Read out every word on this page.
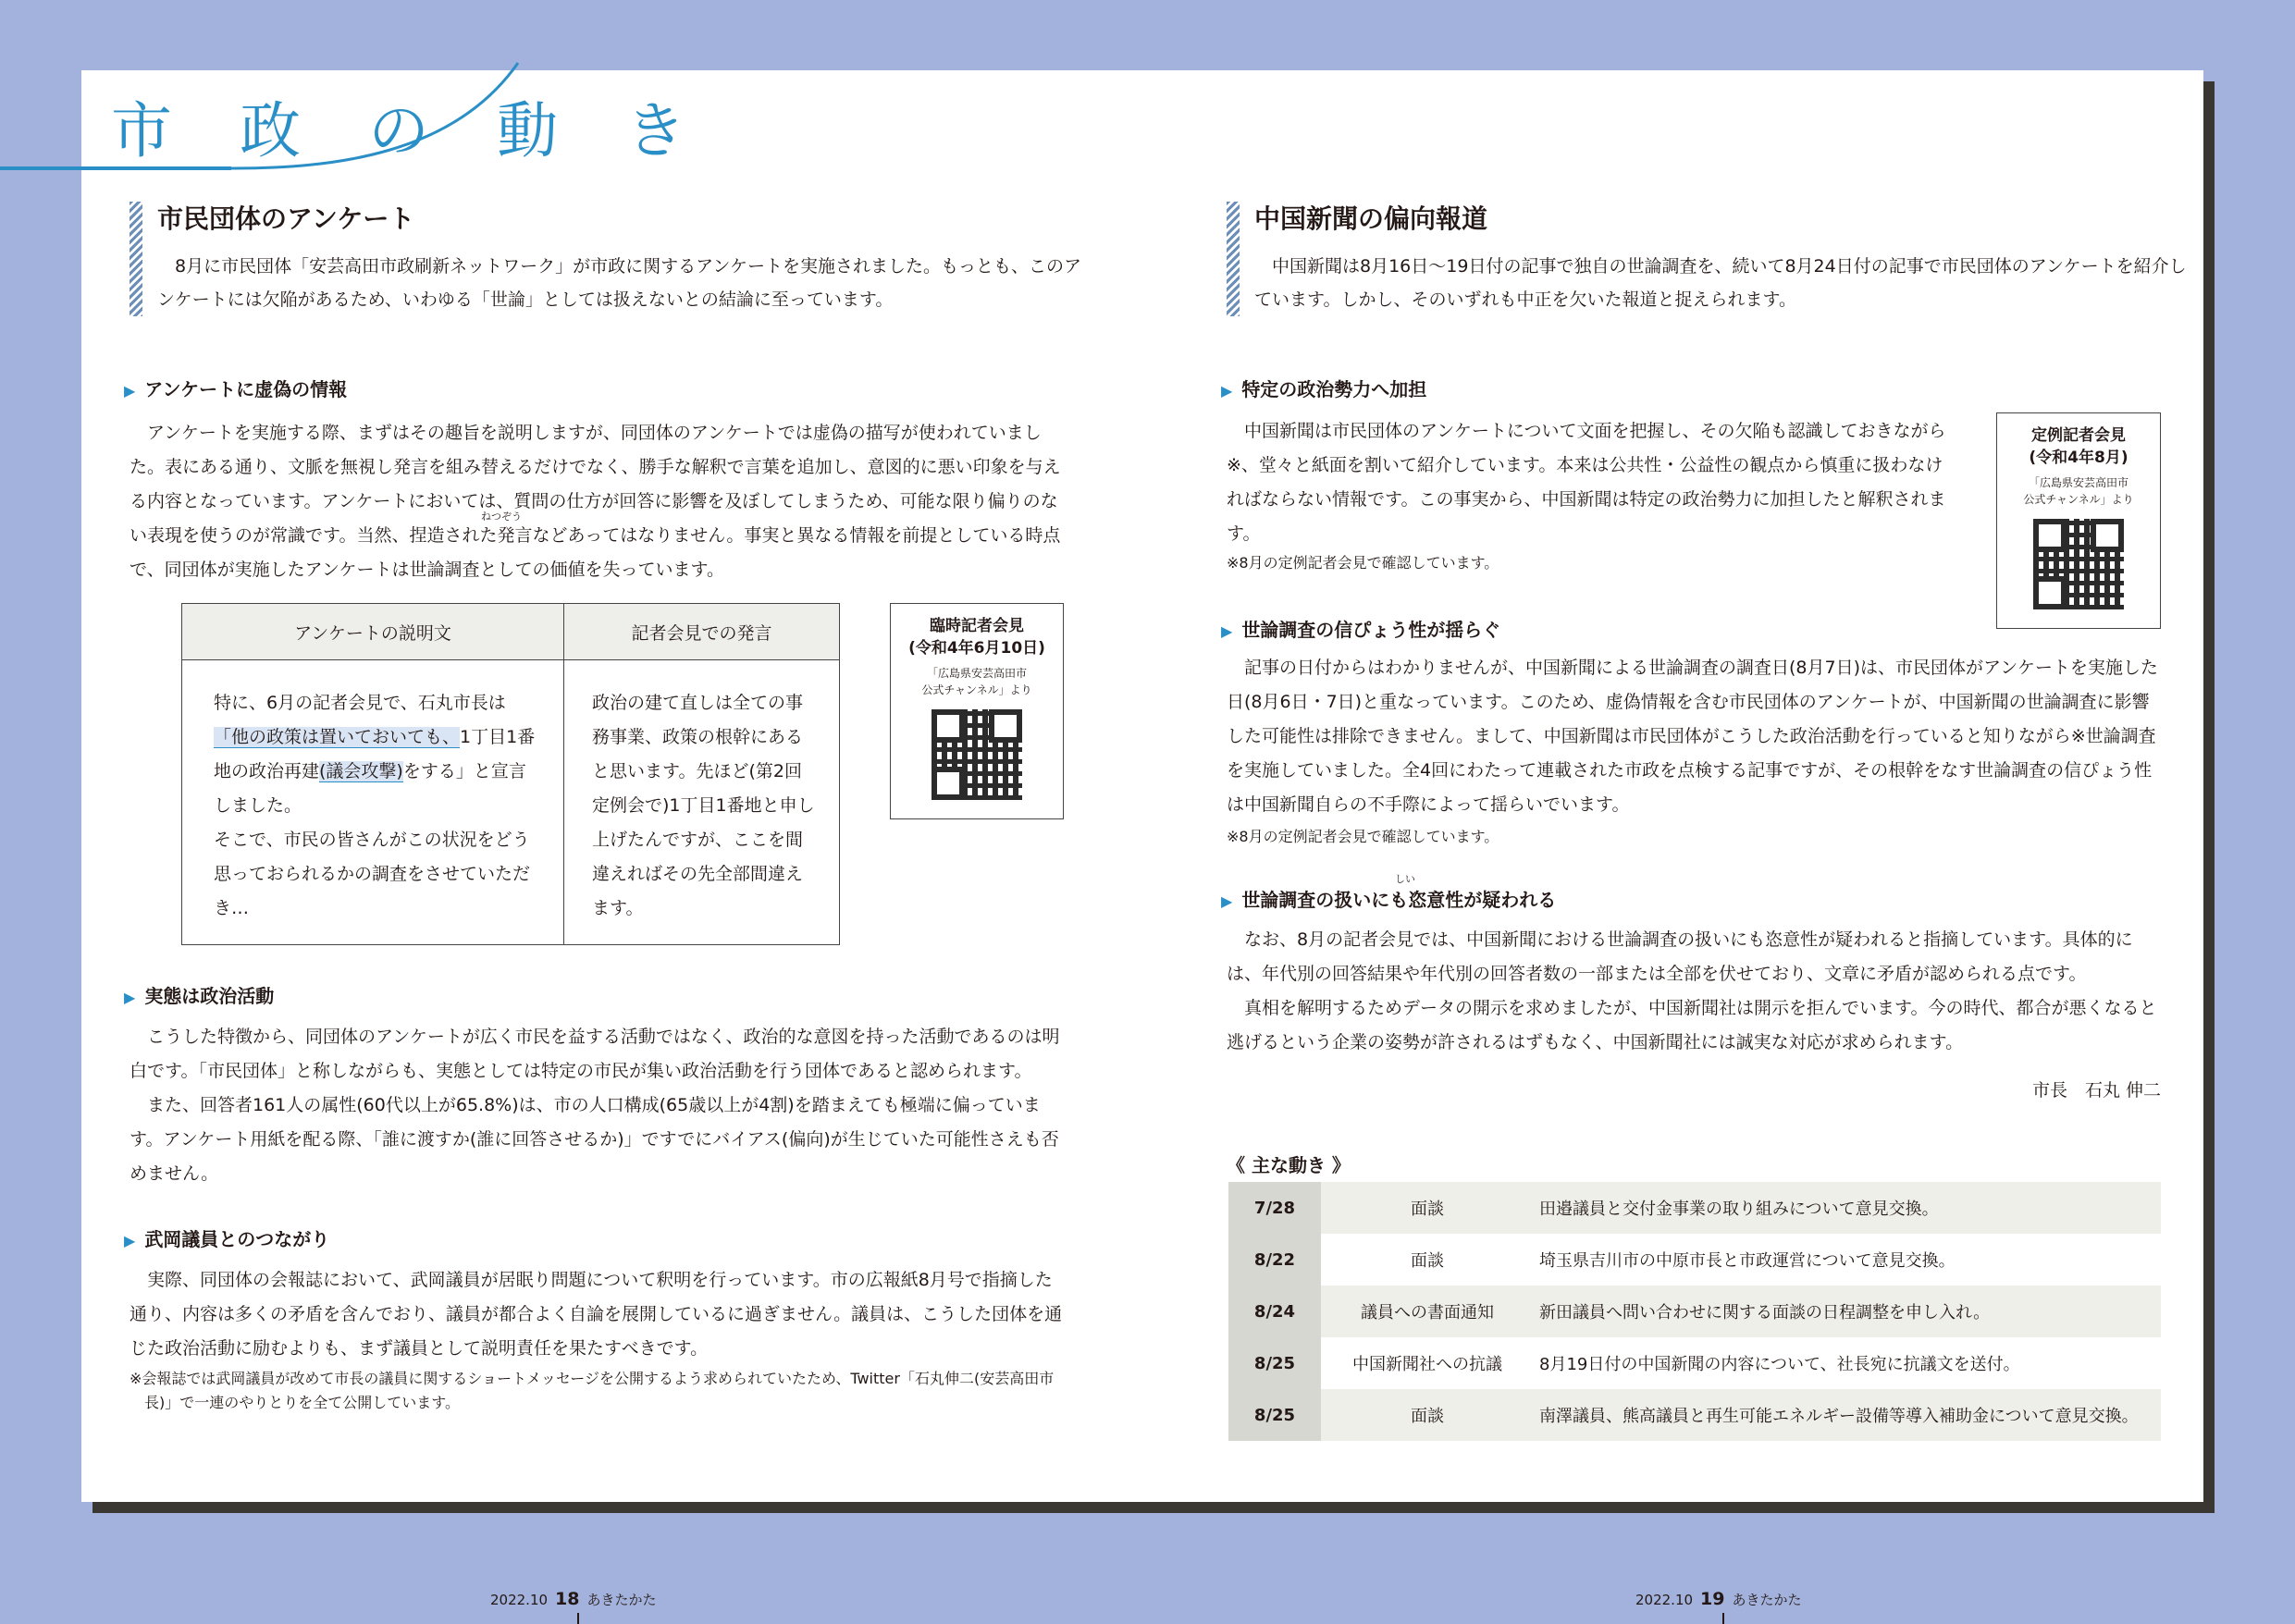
市 政 の 動 き
市民団体のアンケート

8月に市民団体「安芸高田市政刷新ネットワーク」が市政に関するアンケートを実施されました。もっとも、このアンケートには欠陥があるため、いわゆる「世論」としては扱えないとの結論に至っています。

▶ アンケートに虚偽の情報
ねつぞう

アンケートを実施する際、まずはその趣旨を説明しますが、同団体のアンケートでは虚偽の描写が使われていました。表にある通り、文脈を無視し発言を組み替えるだけでなく、勝手な解釈で言葉を追加し、意図的に悪い印象を与える内容となっています。アンケートにおいては、質問の仕方が回答に影響を及ぼしてしまうため、可能な限り偏りのない表現を使うのが常識です。当然、捏造された発言などあってはなりません。事実と異なる情報を前提としている時点で、同団体が実施したアンケートは世論調査としての価値を失っています。

アンケートの説明文	記者会見での発言
特に、6月の記者会見で、石丸市長は「他の政策は置いておいても、1丁目1番地の政治再建(議会攻撃)をする」と宣言しました。
そこで、市民の皆さんがこの状況をどう思っておられるかの調査をさせていただき…	政治の建て直しは全ての事務事業、政策の根幹にあると思います。先ほど(第2回定例会で)1丁目1番地と申し上げたんですが、ここを間違えればその先全部間違えます。
臨時記者会見
(令和4年6月10日)
「広島県安芸高田市
公式チャンネル」より
▶ 実態は政治活動

こうした特徴から、同団体のアンケートが広く市民を益する活動ではなく、政治的な意図を持った活動であるのは明白です。「市民団体」と称しながらも、実態としては特定の市民が集い政治活動を行う団体であると認められます。

また、回答者161人の属性(60代以上が65.8%)は、市の人口構成(65歳以上が4割)を踏まえても極端に偏っています。アンケート用紙を配る際、「誰に渡すか(誰に回答させるか)」ですでにバイアス(偏向)が生じていた可能性さえも否めません。

▶ 武岡議員とのつながり

実際、同団体の会報誌において、武岡議員が居眠り問題について釈明を行っています。市の広報紙8月号で指摘した通り、内容は多くの矛盾を含んでおり、議員が都合よく自論を展開しているに過ぎません。議員は、こうした団体を通じた政治活動に励むよりも、まず議員として説明責任を果たすべきです。

※会報誌では武岡議員が改めて市長の議員に関するショートメッセージを公開するよう求められていたため、Twitter「石丸伸二(安芸高田市長)」で一連のやりとりを全て公開しています。
中国新聞の偏向報道

中国新聞は8月16日～19日付の記事で独自の世論調査を、続いて8月24日付の記事で市民団体のアンケートを紹介しています。しかし、そのいずれも中正を欠いた報道と捉えられます。

▶ 特定の政治勢力へ加担

中国新聞は市民団体のアンケートについて文面を把握し、その欠陥も認識しておきながら※、堂々と紙面を割いて紹介しています。本来は公共性・公益性の観点から慎重に扱わなければならない情報です。この事実から、中国新聞は特定の政治勢力に加担したと解釈されます。

※8月の定例記者会見で確認しています。
定例記者会見
(令和4年8月)
「広島県安芸高田市
公式チャンネル」より
▶ 世論調査の信ぴょう性が揺らぐ

記事の日付からはわかりませんが、中国新聞による世論調査の調査日(8月7日)は、市民団体がアンケートを実施した日(8月6日・7日)と重なっています。このため、虚偽情報を含む市民団体のアンケートが、中国新聞の世論調査に影響した可能性は排除できません。まして、中国新聞は市民団体がこうした政治活動を行っていると知りながら※世論調査を実施していました。全4回にわたって連載された市政を点検する記事ですが、その根幹をなす世論調査の信ぴょう性は中国新聞自らの不手際によって揺らいでいます。

※8月の定例記者会見で確認しています。
しい
▶ 世論調査の扱いにも恣意性が疑われる

なお、8月の記者会見では、中国新聞における世論調査の扱いにも恣意性が疑われると指摘しています。具体的には、年代別の回答結果や年代別の回答者数の一部または全部を伏せており、文章に矛盾が認められる点です。

真相を解明するためデータの開示を求めましたが、中国新聞社は開示を拒んでいます。今の時代、都合が悪くなると逃げるという企業の姿勢が許されるはずもなく、中国新聞社には誠実な対応が求められます。

市長　石丸 伸二
《 主な動き 》
7/28	面談	田邉議員と交付金事業の取り組みについて意見交換。
8/22	面談	埼玉県吉川市の中原市長と市政運営について意見交換。
8/24	議員への書面通知	新田議員へ問い合わせに関する面談の日程調整を申し入れ。
8/25	中国新聞社への抗議	8月19日付の中国新聞の内容について、社長宛に抗議文を送付。
8/25	面談	南澤議員、熊高議員と再生可能エネルギー設備等導入補助金について意見交換。
2022.10 18 あきたかた	2022.10 19 あきたかた
